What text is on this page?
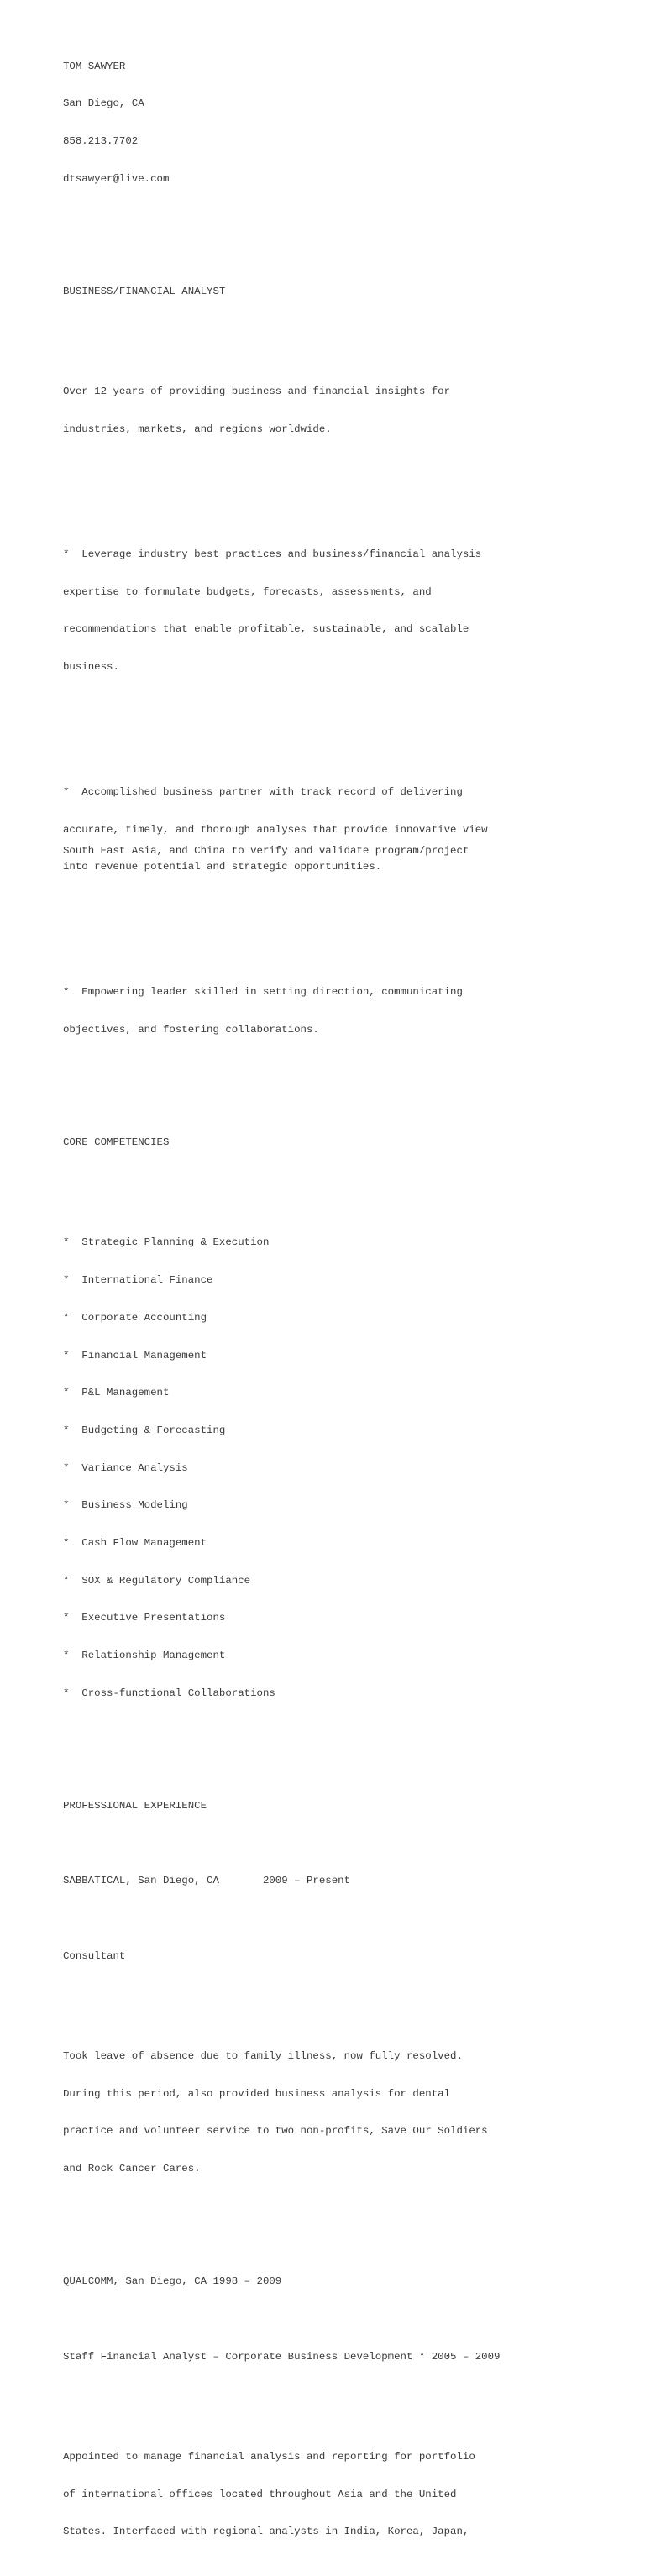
TOM SAWYER

San Diego, CA

858.213.7702

dtsawyer@live.com

BUSINESS/FINANCIAL ANALYST

Over 12 years of providing business and financial insights for

industries, markets, and regions worldwide.

*  Leverage industry best practices and business/financial analysis

expertise to formulate budgets, forecasts, assessments, and

recommendations that enable profitable, sustainable, and scalable

business.

*  Accomplished business partner with track record of delivering

accurate, timely, and thorough analyses that provide innovative view

into revenue potential and strategic opportunities.

*  Empowering leader skilled in setting direction, communicating

objectives, and fostering collaborations.

CORE COMPETENCIES

*  Strategic Planning & Execution

*  International Finance

*  Corporate Accounting

*  Financial Management

*  P&L Management

*  Budgeting & Forecasting

*  Variance Analysis

*  Business Modeling

*  Cash Flow Management

*  SOX & Regulatory Compliance

*  Executive Presentations

*  Relationship Management

*  Cross-functional Collaborations

PROFESSIONAL EXPERIENCE

SABBATICAL, San Diego, CA       2009 – Present

Consultant

Took leave of absence due to family illness, now fully resolved.

During this period, also provided business analysis for dental

practice and volunteer service to two non-profits, Save Our Soldiers

and Rock Cancer Cares.

QUALCOMM, San Diego, CA 1998 – 2009

Staff Financial Analyst – Corporate Business Development * 2005 – 2009

Appointed to manage financial analysis and reporting for portfolio

of international offices located throughout Asia and the United

States. Interfaced with regional analysts in India, Korea, Japan,

South East Asia, and China to verify and validate program/project
